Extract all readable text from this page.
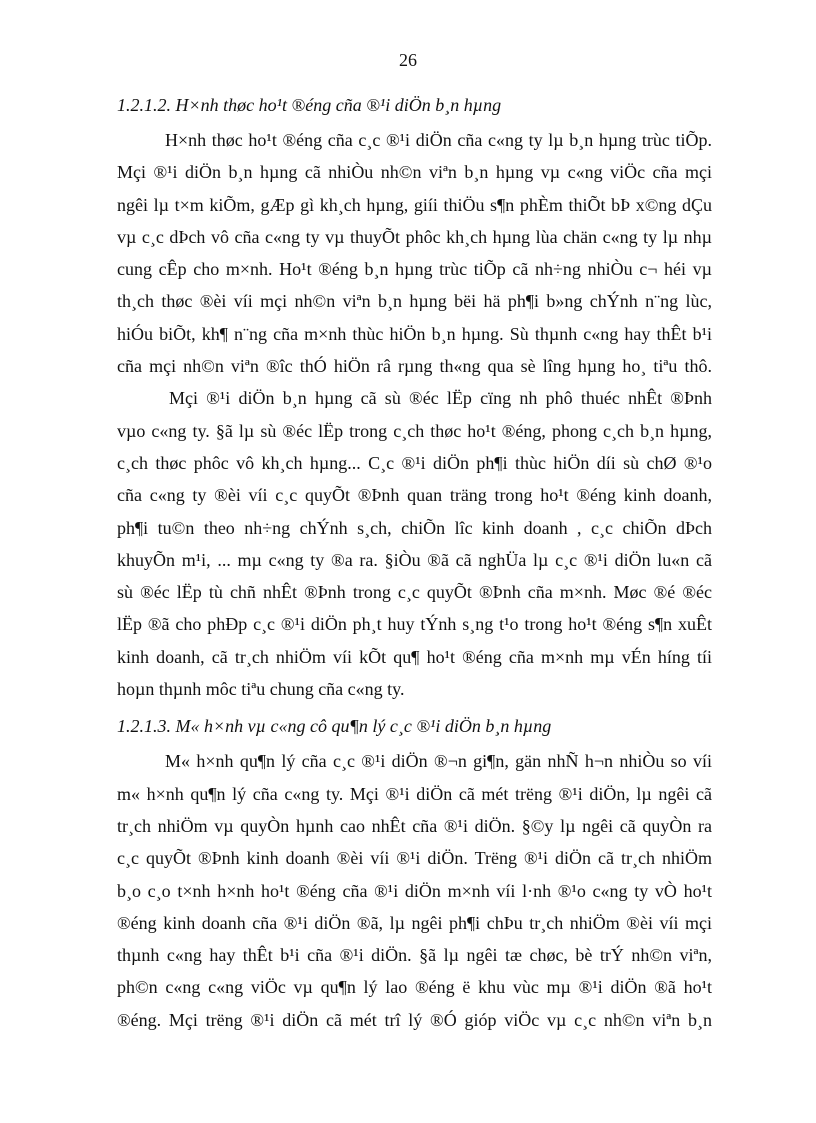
26
1.2.1.2. H×nh thøc ho¹t ®éng cña ®¹i diÖn b¸n hµng
H×nh thøc ho¹t ®éng cña c¸c ®¹i diÖn cña c«ng ty lµ b¸n hµng trùc tiÕp.
Mçi ®¹i diÖn b¸n hµng cã nhiÒu nh©n viªn b¸n hµng vµ c«ng viÖc cña mçi
ngêi lµ t×m kiÕm, gÆp gì kh¸ch hµng, giíi thiÖu s¶n phÈm thiÕt bÞ x©ng dÇu
vµ c¸c dÞch vô cña c«ng ty vµ thuyÕt phôc kh¸ch hµng lùa chän c«ng ty lµ nhµ
cung cÊp cho m×nh. Ho¹t ®éng b¸n hµng trùc tiÕp cã nh÷ng nhiÒu c¬ héi vµ
th¸ch thøc ®èi víi mçi nh©n viªn b¸n hµng bëi hä ph¶i b»ng chÝnh n¨ng lùc,
hiÓu biÕt, kh¶ n¨ng cña m×nh thùc hiÖn b¸n hµng. Sù thµnh c«ng hay thÊt b¹i
cña mçi nh©n viªn ®îc thÓ hiÖn râ rµng th«ng qua sè lîng hµng ho¸ tiªu thô.
Mçi ®¹i diÖn b¸n hµng cã sù ®éc lËp cïng nh phô thuéc nhÊt ®Þnh
vµo c«ng ty. §ã lµ sù ®éc lËp trong c¸ch thøc ho¹t ®éng, phong c¸ch b¸n hµng,
c¸ch thøc phôc vô kh¸ch hµng... C¸c ®¹i diÖn ph¶i thùc hiÖn díi sù chØ ®¹o
cña c«ng ty ®èi víi c¸c quyÕt ®Þnh quan träng trong ho¹t ®éng kinh doanh,
ph¶i tu©n theo nh÷ng chÝnh s¸ch, chiÕn lîc kinh doanh , c¸c chiÕn dÞch
khuyÕn m¹i, ... mµ c«ng ty ®a ra. §iÒu ®ã cã nghÜa lµ c¸c ®¹i diÖn lu«n cã
sù ®éc lËp tù chñ nhÊt ®Þnh trong c¸c quyÕt ®Þnh cña m×nh. Møc ®é ®éc
lËp ®ã cho phÐp c¸c ®¹i diÖn ph¸t huy tÝnh s¸ng t¹o trong ho¹t ®éng s¶n xuÊt
kinh doanh, cã tr¸ch nhiÖm víi kÕt qu¶ ho¹t ®éng cña m×nh mµ vÉn híng tíi
hoµn thµnh môc tiªu chung cña c«ng ty.
1.2.1.3. M« h×nh vµ c«ng cô qu¶n lý c¸c ®¹i diÖn b¸n hµng
M« h×nh qu¶n lý cña c¸c ®¹i diÖn ®¬n gi¶n, gän nhÑ h¬n nhiÒu so víi
m« h×nh qu¶n lý cña c«ng ty. Mçi ®¹i diÖn cã mét trëng ®¹i diÖn, lµ ngêi cã
tr¸ch nhiÖm vµ quyÒn hµnh cao nhÊt cña ®¹i diÖn. §©y lµ ngêi cã quyÒn ra
c¸c quyÕt ®Þnh kinh doanh ®èi víi ®¹i diÖn. Trëng ®¹i diÖn cã tr¸ch nhiÖm
b¸o c¸o t×nh h×nh ho¹t ®éng cña ®¹i diÖn m×nh víi l·nh ®¹o c«ng ty vÒ ho¹t
®éng kinh doanh cña ®¹i diÖn ®ã, lµ ngêi ph¶i chÞu tr¸ch nhiÖm ®èi víi mçi
thµnh c«ng hay thÊt b¹i cña ®¹i diÖn. §ã lµ ngêi tæ chøc, bè trÝ nh©n viªn,
ph©n c«ng c«ng viÖc vµ qu¶n lý lao ®éng ë khu vùc mµ ®¹i diÖn ®ã ho¹t
®éng. Mçi trëng ®¹i diÖn cã mét trî lý ®Ó gióp viÖc vµ c¸c nh©n viªn b¸n
